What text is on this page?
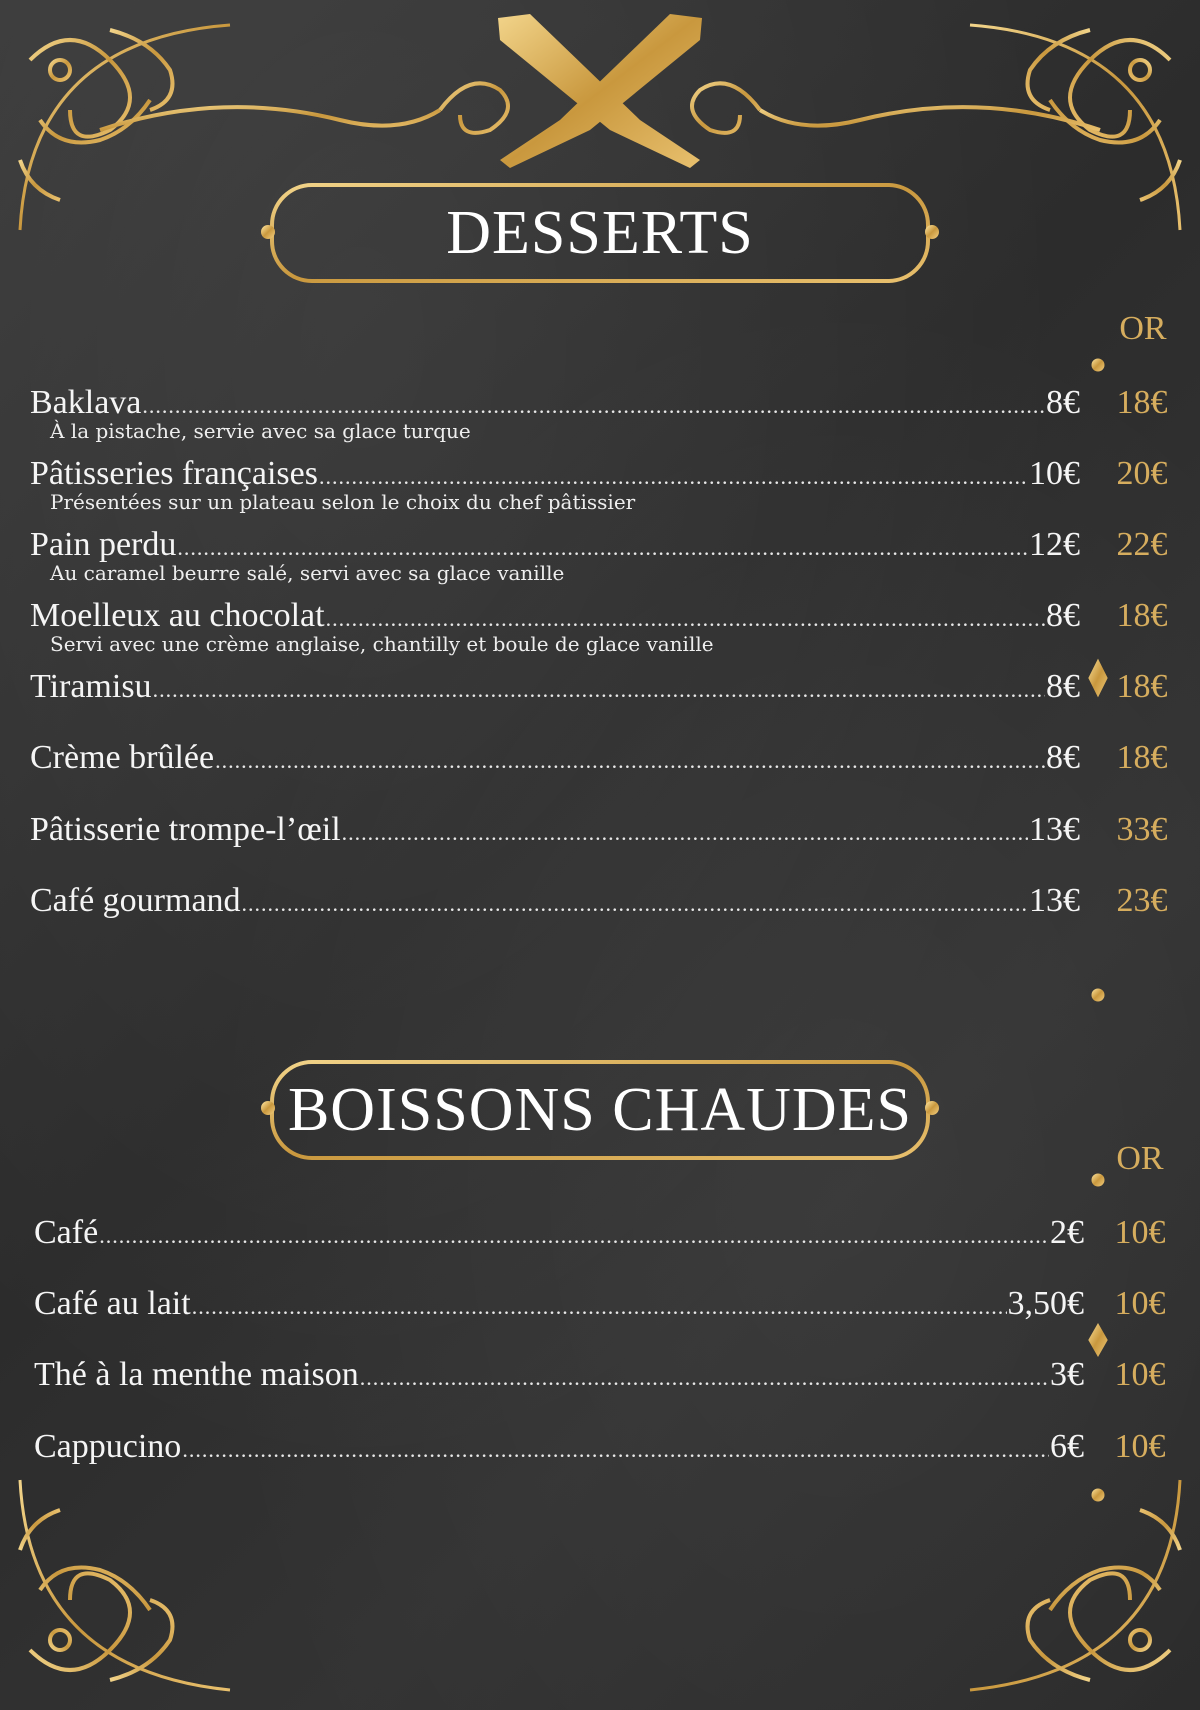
DESSERTS
OR
Baklava .....	8€	18€
À la pistache, servie avec sa glace turque
Pâtisseries françaises .....	10€	20€
Présentées sur un plateau selon le choix du chef pâtissier
Pain perdu .....	12€	22€
Au caramel beurre salé, servi avec sa glace vanille
Moelleux au chocolat .....	8€	18€
Servi avec une crème anglaise, chantilly et boule de glace vanille
Tiramisu .....	8€	18€
Crème brûlée .....	8€	18€
Pâtisserie trompe-l’œil .....	13€	33€
Café gourmand .....	13€	23€
BOISSONS CHAUDES
OR
Café .....	2€ 10€
Café au lait .....	3,50€ 10€
Thé à la menthe maison .....	3€ 10€
Cappucino .....	6€ 10€
